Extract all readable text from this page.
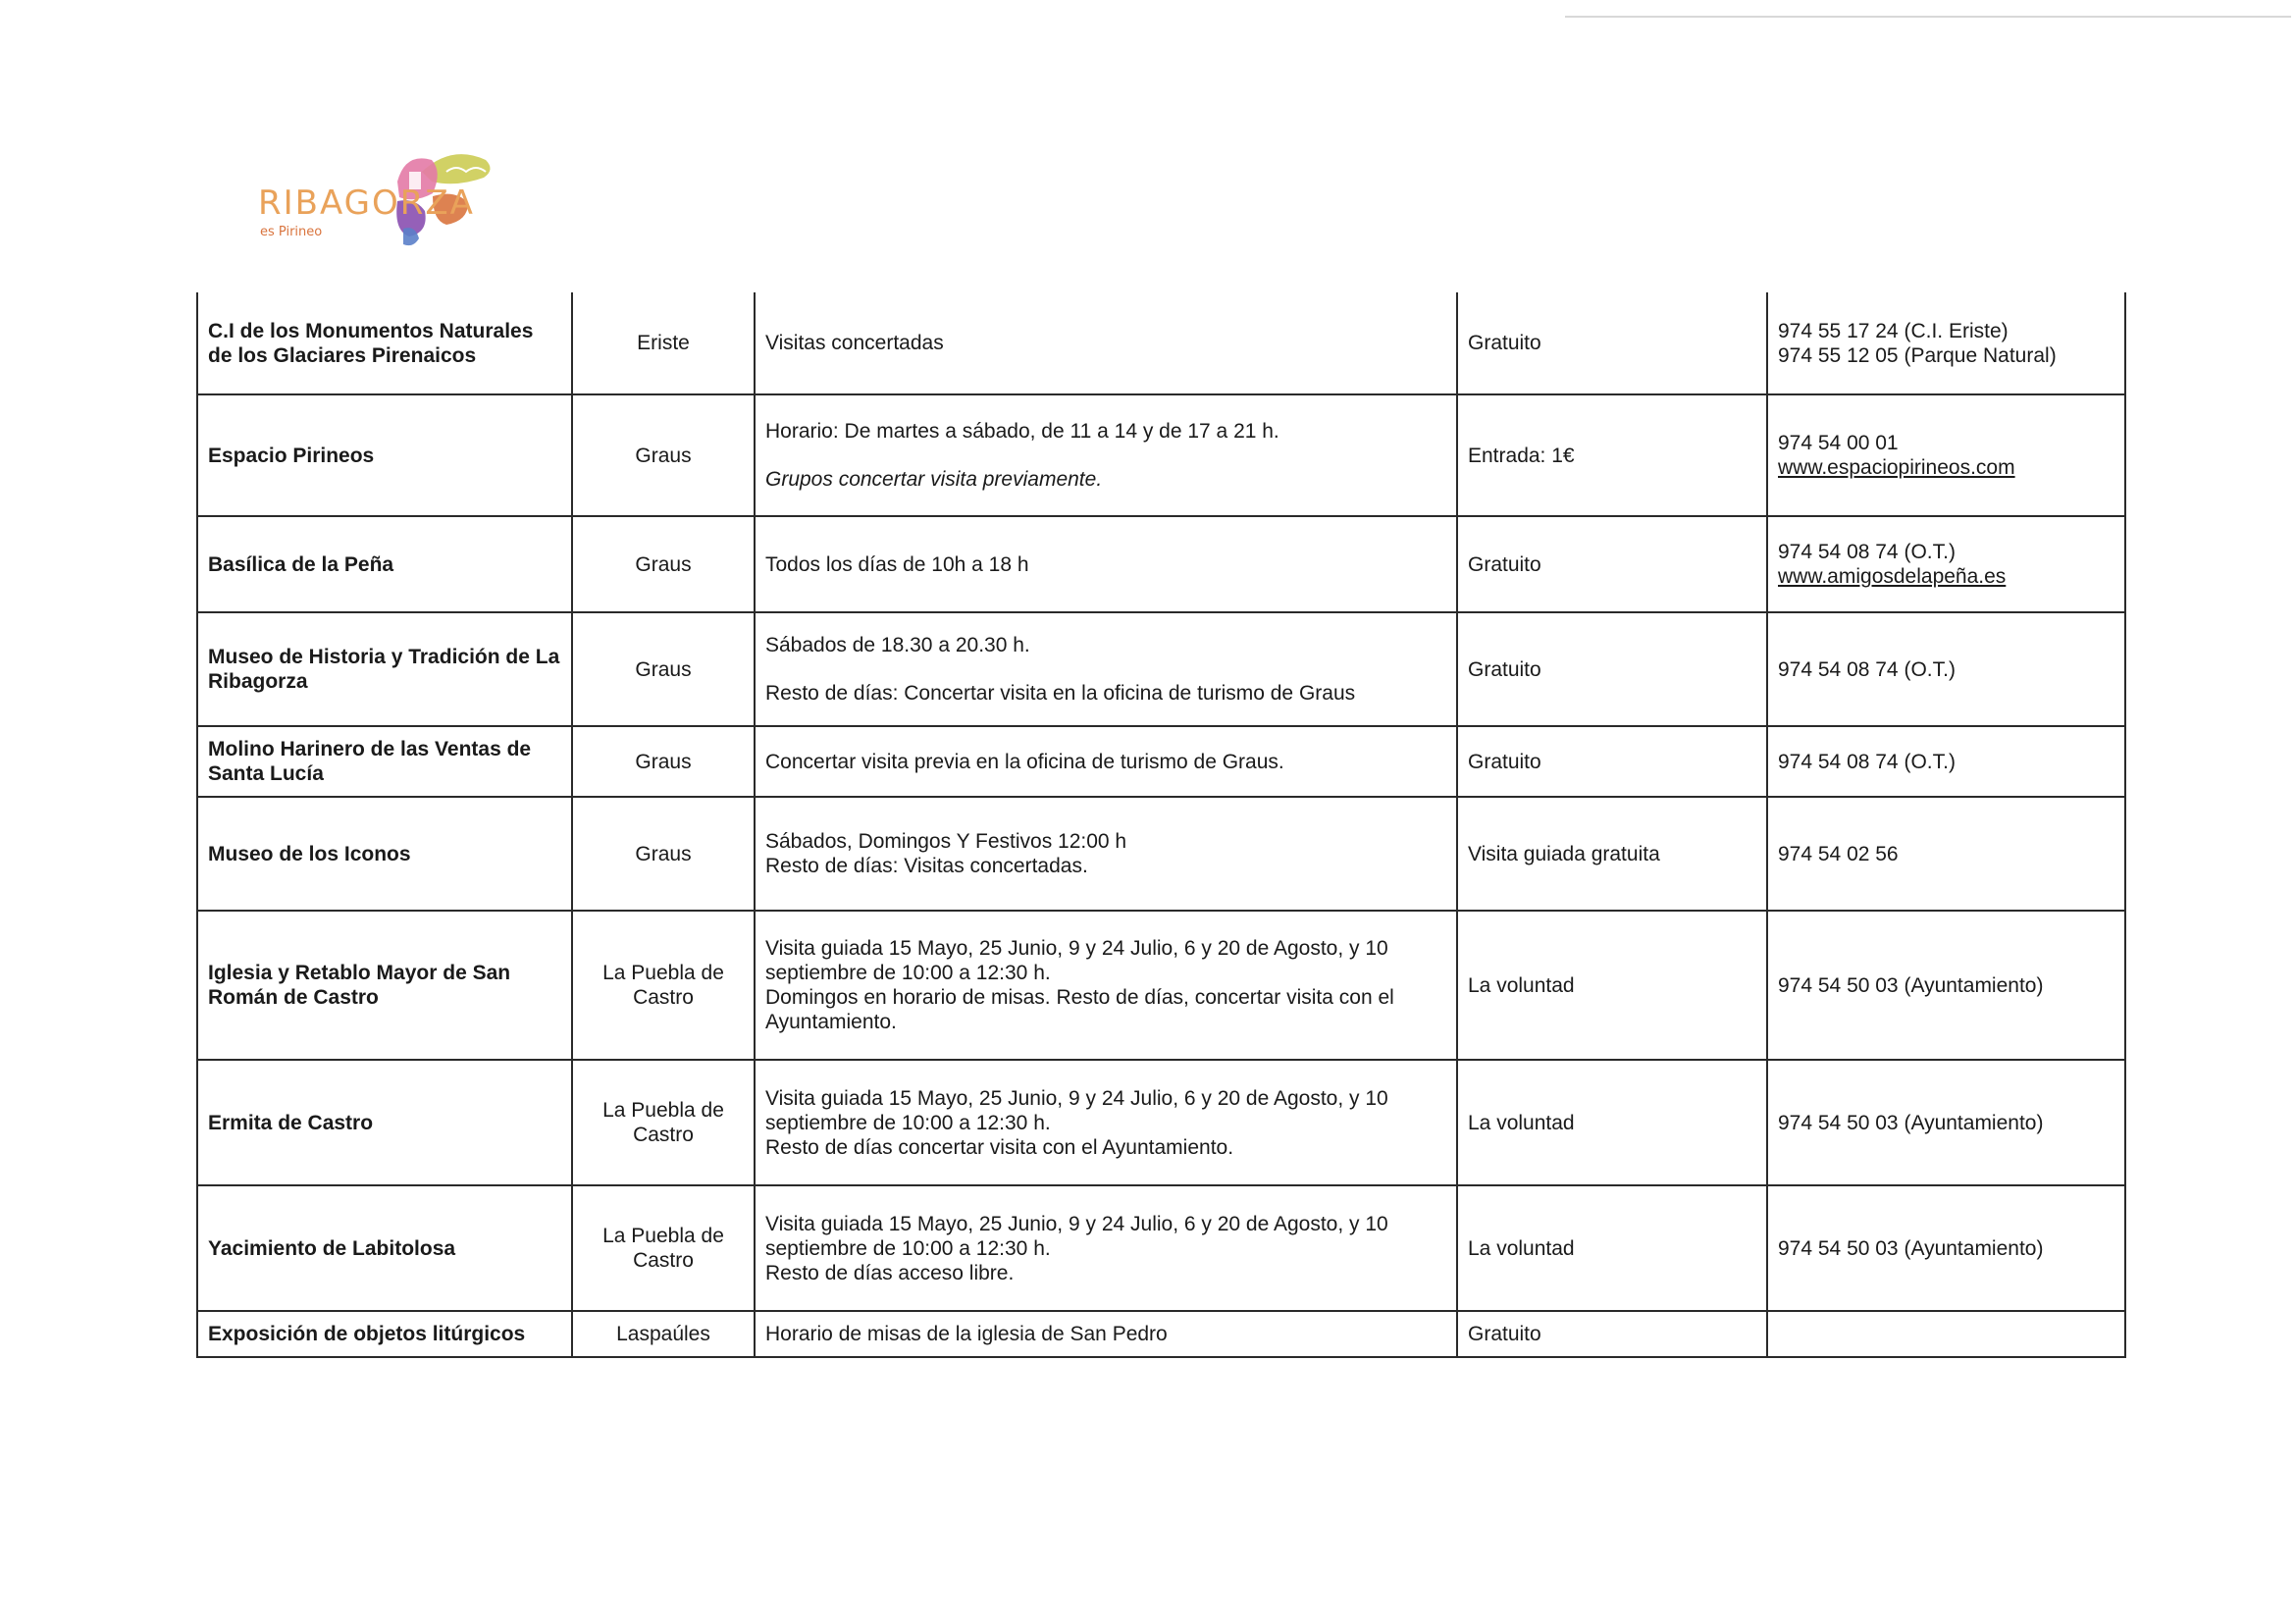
RIBAGORZA
es Pirineo
C.I de los Monumentos Naturales de los Glaciares Pirenaicos	Eriste	Visitas concertadas	Gratuito	974 55 17 24 (C.I. Eriste)
974 55 12 05 (Parque Natural)

Espacio Pirineos	Graus	Horario: De martes a sábado, de 11 a 14 y de 17 a 21 h.
Grupos concertar visita previamente.	Entrada: 1€	974 54 00 01
www.espaciopirineos.com

Basílica de la Peña	Graus	Todos los días de 10h a 18 h	Gratuito	974 54 08 74 (O.T.)
www.amigosdelapeña.es

Museo de Historia y Tradición de La Ribagorza	Graus	Sábados de 18.30 a 20.30 h.
Resto de días: Concertar visita en la oficina de turismo de Graus	Gratuito	974 54 08 74 (O.T.)

Molino Harinero de las Ventas de Santa Lucía	Graus	Concertar visita previa en la oficina de turismo de Graus.	Gratuito	974 54 08 74 (O.T.)

Museo de los Iconos	Graus	Sábados, Domingos Y Festivos 12:00 h
Resto de días: Visitas concertadas.	Visita guiada gratuita	974 54 02 56

Iglesia y Retablo Mayor de San Román de Castro	La Puebla de Castro	Visita guiada 15 Mayo, 25 Junio, 9 y 24 Julio, 6 y 20 de Agosto, y 10 septiembre de 10:00 a 12:30 h.
Domingos en horario de misas. Resto de días, concertar visita con el Ayuntamiento.	La voluntad	974 54 50 03 (Ayuntamiento)

Ermita de Castro	La Puebla de Castro	Visita guiada 15 Mayo, 25 Junio, 9 y 24 Julio, 6 y 20 de Agosto, y 10 septiembre de 10:00 a 12:30 h.
Resto de días concertar visita con el Ayuntamiento.	La voluntad	974 54 50 03 (Ayuntamiento)

Yacimiento de Labitolosa	La Puebla de Castro	Visita guiada 15 Mayo, 25 Junio, 9 y 24 Julio, 6 y 20 de Agosto, y 10 septiembre de 10:00 a 12:30 h.
Resto de días acceso libre.	La voluntad	974 54 50 03 (Ayuntamiento)

Exposición de objetos litúrgicos	Laspaúles	Horario de misas de la iglesia de San Pedro	Gratuito	
